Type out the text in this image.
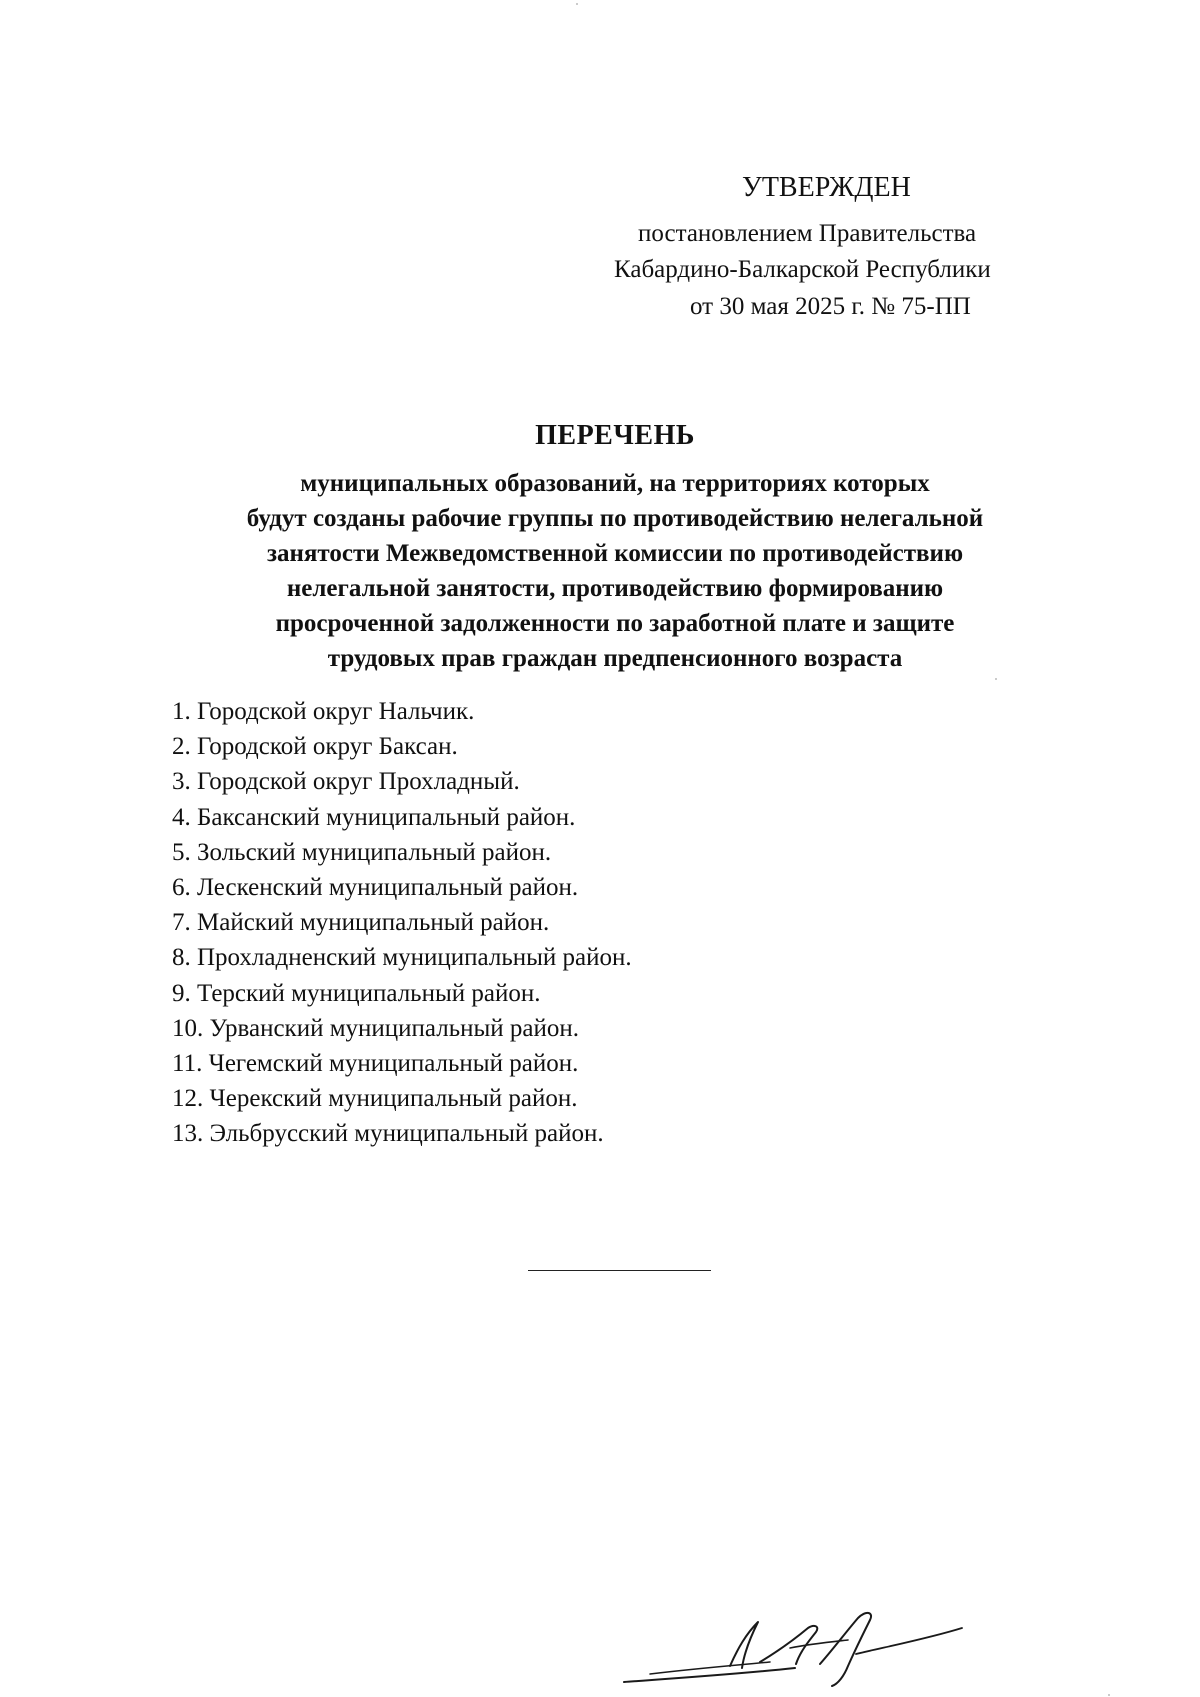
УТВЕРЖДЕН

постановлением Правительства

Кабардино-Балкарской Республики

от 30 мая 2025 г. № 75-ПП

ПЕРЕЧЕНЬ
муниципальных образований, на территориях которых
будут созданы рабочие группы по противодействию нелегальной
занятости Межведомственной комиссии по противодействию
нелегальной занятости, противодействию формированию
просроченной задолженности по заработной плате и защите
трудовых прав граждан предпенсионного возраста
1. Городской округ Нальчик.
2. Городской округ Баксан.
3. Городской округ Прохладный.
4. Баксанский муниципальный район.
5. Зольский муниципальный район.
6. Лескенский муниципальный район.
7. Майский муниципальный район.
8. Прохладненский муниципальный район.
9. Терский муниципальный район.
10. Урванский муниципальный район.
11. Чегемский муниципальный район.
12. Черекский муниципальный район.
13. Эльбрусский муниципальный район.
